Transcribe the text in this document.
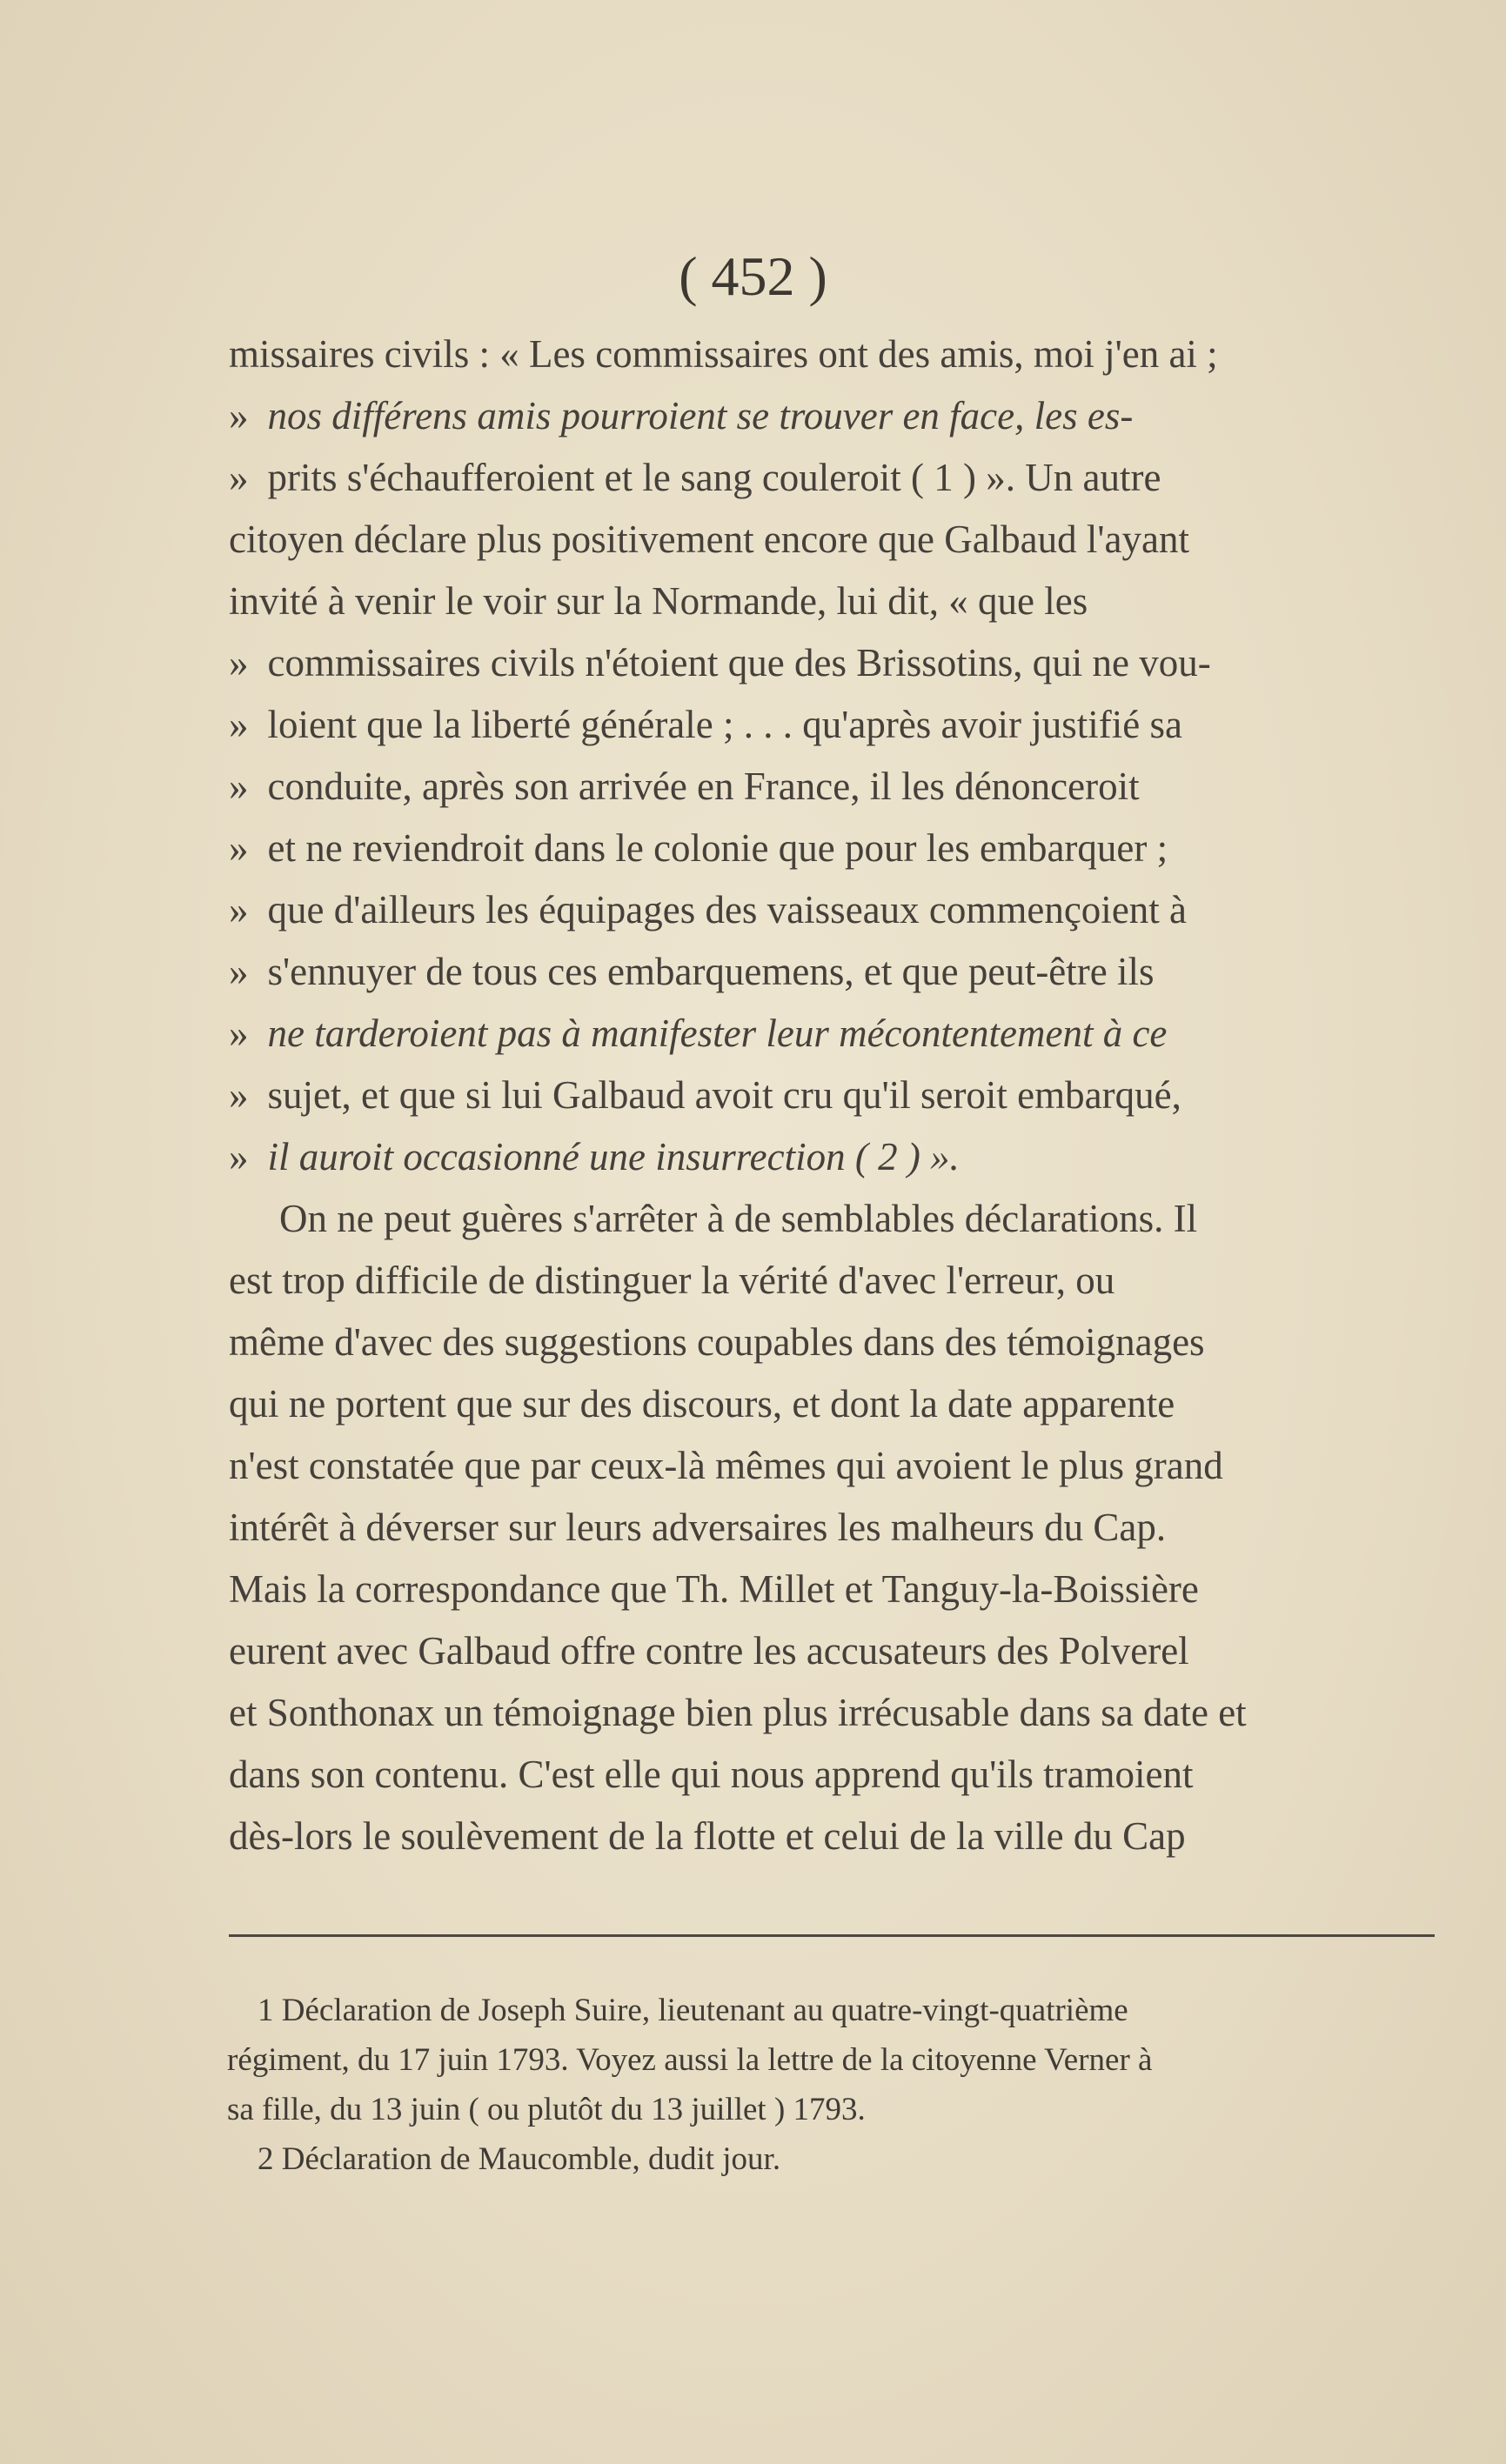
( 452 )
missaires civils : « Les commissaires ont des amis, moi j'en ai ;
» nos différens amis pourroient se trouver en face, les es-
» prits s'échaufferoient et le sang couleroit ( 1 ) ». Un autre
citoyen déclare plus positivement encore que Galbaud l'ayant
invité à venir le voir sur la Normande, lui dit, « que les
» commissaires civils n'étoient que des Brissotins, qui ne vou-
» loient que la liberté générale ; . . . qu'après avoir justifié sa
» conduite, après son arrivée en France, il les dénonceroit
» et ne reviendroit dans le colonie que pour les embarquer ;
» que d'ailleurs les équipages des vaisseaux commençoient à
» s'ennuyer de tous ces embarquemens, et que peut-être ils
» ne tarderoient pas à manifester leur mécontentement à ce
» sujet, et que si lui Galbaud avoit cru qu'il seroit embarqué,
» il auroit occasionné une insurrection ( 2 ) ».
On ne peut guères s'arrêter à de semblables déclarations. Il
est trop difficile de distinguer la vérité d'avec l'erreur, ou
même d'avec des suggestions coupables dans des témoignages
qui ne portent que sur des discours, et dont la date apparente
n'est constatée que par ceux-là mêmes qui avoient le plus grand
intérêt à déverser sur leurs adversaires les malheurs du Cap.
Mais la correspondance que Th. Millet et Tanguy-la-Boissière
eurent avec Galbaud offre contre les accusateurs des Polverel
et Sonthonax un témoignage bien plus irrécusable dans sa date et
dans son contenu. C'est elle qui nous apprend qu'ils tramoient
dès-lors le soulèvement de la flotte et celui de la ville du Cap
1 Déclaration de Joseph Suire, lieutenant au quatre-vingt-quatrième
régiment, du 17 juin 1793. Voyez aussi la lettre de la citoyenne Verner à
sa fille, du 13 juin ( ou plutôt du 13 juillet ) 1793.
2 Déclaration de Maucomble, dudit jour.
